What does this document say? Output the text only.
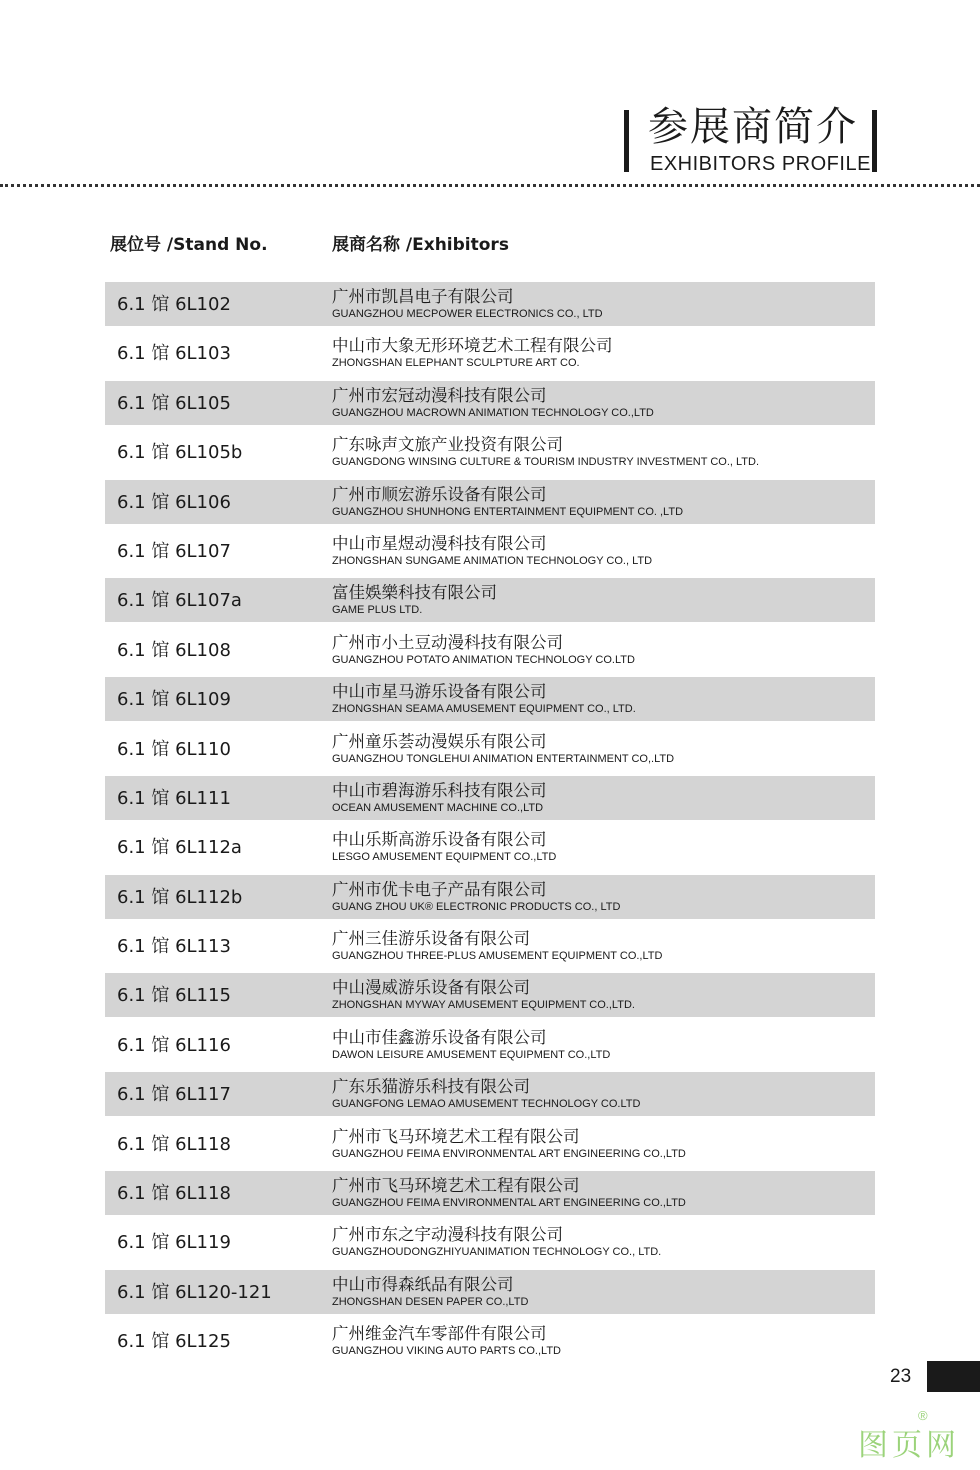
参展商简介
EXHIBITORS PROFILE
展位号 /Stand No.	展商名称 /Exhibitors
6.1 馆 6L102	广州市凯昌电子有限公司
GUANGZHOU MECPOWER ELECTRONICS CO., LTD
6.1 馆 6L103	中山市大象无形环境艺术工程有限公司
ZHONGSHAN ELEPHANT SCULPTURE ART CO.
6.1 馆 6L105	广州市宏冠动漫科技有限公司
GUANGZHOU MACROWN ANIMATION TECHNOLOGY CO.,LTD
6.1 馆 6L105b	广东咏声文旅产业投资有限公司
GUANGDONG WINSING CULTURE & TOURISM INDUSTRY INVESTMENT CO., LTD.
6.1 馆 6L106	广州市顺宏游乐设备有限公司
GUANGZHOU SHUNHONG ENTERTAINMENT EQUIPMENT CO. ,LTD
6.1 馆 6L107	中山市星煜动漫科技有限公司
ZHONGSHAN SUNGAME ANIMATION TECHNOLOGY CO., LTD
6.1 馆 6L107a	富佳娛樂科技有限公司
GAME PLUS LTD.
6.1 馆 6L108	广州市小土豆动漫科技有限公司
GUANGZHOU POTATO ANIMATION TECHNOLOGY CO.LTD
6.1 馆 6L109	中山市星马游乐设备有限公司
ZHONGSHAN SEAMA AMUSEMENT EQUIPMENT CO., LTD.
6.1 馆 6L110	广州童乐荟动漫娱乐有限公司
GUANGZHOU TONGLEHUI ANIMATION ENTERTAINMENT CO,.LTD
6.1 馆 6L111	中山市碧海游乐科技有限公司
OCEAN AMUSEMENT MACHINE CO.,LTD
6.1 馆 6L112a	中山乐斯高游乐设备有限公司
LESGO AMUSEMENT EQUIPMENT CO.,LTD
6.1 馆 6L112b	广州市优卡电子产品有限公司
GUANG ZHOU UK® ELECTRONIC PRODUCTS CO., LTD
6.1 馆 6L113	广州三佳游乐设备有限公司
GUANGZHOU THREE-PLUS AMUSEMENT EQUIPMENT CO.,LTD
6.1 馆 6L115	中山漫威游乐设备有限公司
ZHONGSHAN MYWAY AMUSEMENT EQUIPMENT CO.,LTD.
6.1 馆 6L116	中山市佳鑫游乐设备有限公司
DAWON LEISURE AMUSEMENT EQUIPMENT CO.,LTD
6.1 馆 6L117	广东乐猫游乐科技有限公司
GUANGFONG LEMAO AMUSEMENT TECHNOLOGY CO.LTD
6.1 馆 6L118	广州市飞马环境艺术工程有限公司
GUANGZHOU FEIMA ENVIRONMENTAL ART ENGINEERING CO.,LTD
6.1 馆 6L118	广州市飞马环境艺术工程有限公司
GUANGZHOU FEIMA ENVIRONMENTAL ART ENGINEERING CO.,LTD
6.1 馆 6L119	广州市东之宇动漫科技有限公司
GUANGZHOUDONGZHIYUANIMATION TECHNOLOGY CO., LTD.
6.1 馆 6L120-121	中山市得森纸品有限公司
ZHONGSHAN DESEN PAPER CO.,LTD
6.1 馆 6L125	广州维金汽车零部件有限公司
GUANGZHOU VIKING AUTO PARTS CO.,LTD
23
图页网
®
